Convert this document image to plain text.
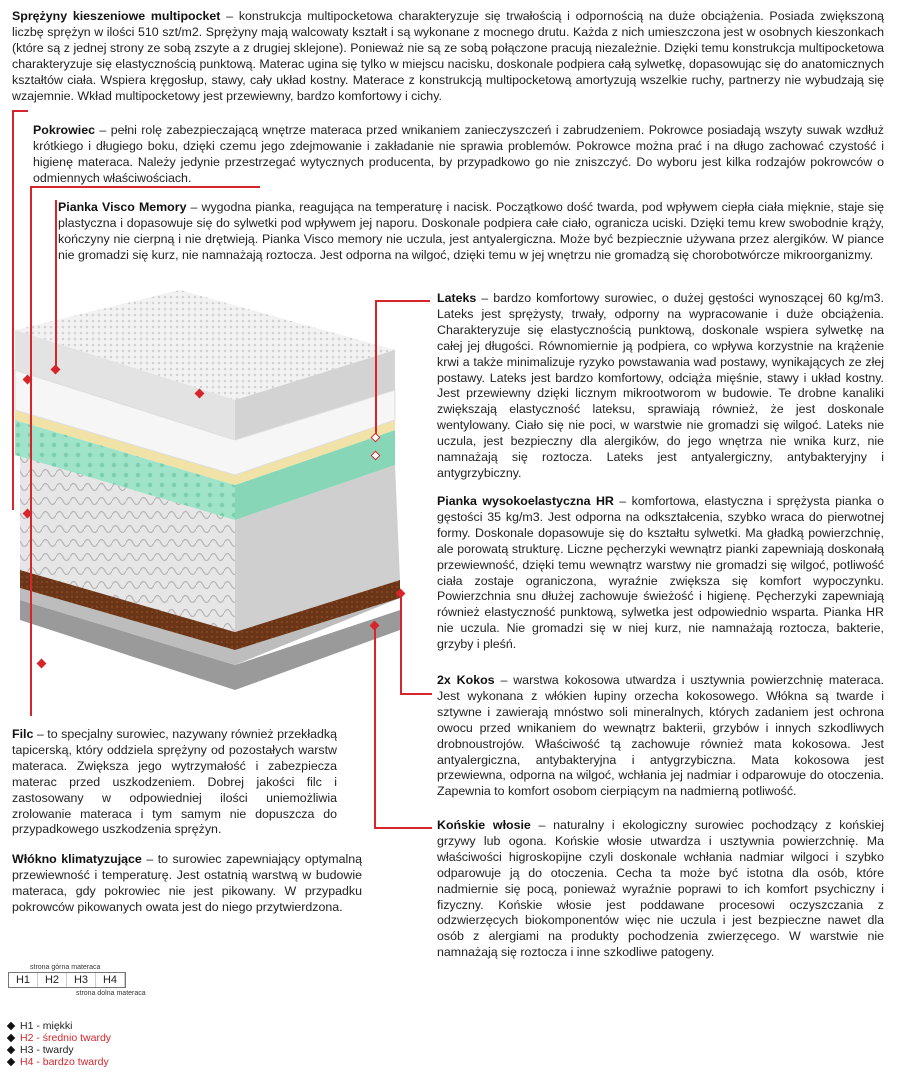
Sprężyny kieszeniowe multipocket – konstrukcja multipocketowa charakteryzuje się trwałością i odpornością na duże obciążenia. Posiada zwiększoną liczbę sprężyn w ilości 510 szt/m2. Sprężyny mają walcowaty kształt i są wykonane z mocnego drutu. Każda z nich umieszczona jest w osobnych kieszonkach (które są z jednej strony ze sobą zszyte a z drugiej sklejone). Ponieważ nie są ze sobą połączone pracują niezależnie. Dzięki temu konstrukcja multipocketowa charakteryzuje się elastycznością punktową. Materac ugina się tylko w miejscu nacisku, doskonale podpiera całą sylwetkę, dopasowując się do anatomicznych kształtów ciała. Wspiera kręgosłup, stawy, cały układ kostny. Materace z konstrukcją multipocketową amortyzują wszelkie ruchy, partnerzy nie wybudzają się wzajemnie. Wkład multipocketowy jest przewiewny, bardzo komfortowy i cichy.
Pokrowiec – pełni rolę zabezpieczającą wnętrze materaca przed wnikaniem zanieczyszczeń i zabrudzeniem. Pokrowce posiadają wszyty suwak wzdłuż krótkiego i długiego boku, dzięki czemu jego zdejmowanie i zakładanie nie sprawia problemów. Pokrowce można prać i na długo zachować czystość i higienę materaca. Należy jedynie przestrzegać wytycznych producenta, by przypadkowo go nie zniszczyć. Do wyboru jest kilka rodzajów pokrowców o odmiennych właściwościach.
Pianka Visco Memory – wygodna pianka, reagująca na temperaturę i nacisk. Początkowo dość twarda, pod wpływem ciepła ciała mięknie, staje się plastyczna i dopasowuje się do sylwetki pod wpływem jej naporu. Doskonale podpiera całe ciało, ogranicza uciski. Dzięki temu krew swobodnie krąży, kończyny nie cierpną i nie drętwieją. Pianka Visco memory nie uczula, jest antyalergiczna. Może być bezpiecznie używana przez alergików. W piance nie gromadzi się kurz, nie namnażają roztocza. Jest odporna na wilgoć, dzięki temu w jej wnętrzu nie gromadzą się chorobotwórcze mikroorganizmy.
Lateks – bardzo komfortowy surowiec, o dużej gęstości wynoszącej 60 kg/m3. Lateks jest sprężysty, trwały, odporny na wypracowanie i duże obciążenia. Charakteryzuje się elastycznością punktową, doskonale wspiera sylwetkę na całej jej długości. Równomiernie ją podpiera, co wpływa korzystnie na krążenie krwi a także minimalizuje ryzyko powstawania wad postawy, wynikających ze złej postawy. Lateks jest bardzo komfortowy, odciąża mięśnie, stawy i układ kostny. Jest przewiewny dzięki licznym mikrootworom w budowie. Te drobne kanaliki zwiększają elastyczność lateksu, sprawiają również, że jest doskonale wentylowany. Ciało się nie poci, w warstwie nie gromadzi się wilgoć. Lateks nie uczula, jest bezpieczny dla alergików, do jego wnętrza nie wnika kurz, nie namnażają się roztocza. Lateks jest antyalergiczny, antybakteryjny i antygrzybiczny.
Pianka wysokoelastyczna HR – komfortowa, elastyczna i sprężysta pianka o gęstości 35 kg/m3. Jest odporna na odkształcenia, szybko wraca do pierwotnej formy. Doskonale dopasowuje się do kształtu sylwetki. Ma gładką powierzchnię, ale porowatą strukturę. Liczne pęcherzyki wewnątrz pianki zapewniają doskonałą przewiewność, dzięki temu wewnątrz warstwy nie gromadzi się wilgoć, potliwość ciała zostaje ograniczona, wyraźnie zwiększa się komfort wypoczynku. Powierzchnia snu dłużej zachowuje świeżość i higienę. Pęcherzyki zapewniają również elastyczność punktową, sylwetka jest odpowiednio wsparta. Pianka HR nie uczula. Nie gromadzi się w niej kurz, nie namnażają roztocza, bakterie, grzyby i pleśń.
2x Kokos – warstwa kokosowa utwardza i usztywnia powierzchnię materaca. Jest wykonana z włókien łupiny orzecha kokosowego. Włókna są twarde i sztywne i zawierają mnóstwo soli mineralnych, których zadaniem jest ochrona owocu przed wnikaniem do wewnątrz bakterii, grzybów i innych szkodliwych drobnoustrojów. Właściwość tą zachowuje również mata kokosowa. Jest antyalergiczna, antybakteryjna i antygrzybiczna. Mata kokosowa jest przewiewna, odporna na wilgoć, wchłania jej nadmiar i odparowuje do otoczenia. Zapewnia to komfort osobom cierpiącym na nadmierną potliwość.
Filc – to specjalny surowiec, nazywany również przekładką tapicerską, który oddziela sprężyny od pozostałych warstw materaca. Zwiększa jego wytrzymałość i zabezpiecza materac przed uszkodzeniem. Dobrej jakości filc i zastosowany w odpowiedniej ilości uniemożliwia zrolowanie materaca i tym samym nie dopuszcza do przypadkowego uszkodzenia sprężyn.	Końskie włosie – naturalny i ekologiczny surowiec pochodzący z końskiej grzywy lub ogona. Końskie włosie utwardza i usztywnia powierzchnię. Ma właściwości higroskopijne czyli doskonale wchłania nadmiar wilgoci i szybko odparowuje ją do otoczenia. Cecha ta może być istotna dla osób, które nadmiernie się pocą, ponieważ wyraźnie poprawi to ich komfort psychiczny i fizyczny. Końskie włosie jest poddawane procesowi oczyszczania z odzwierzęcych biokomponentów więc nie uczula i jest bezpieczne nawet dla osób z alergiami na produkty pochodzenia zwierzęcego. W warstwie nie namnażają się roztocza i inne szkodliwe patogeny.
Włókno klimatyzujące – to surowiec zapewniający optymalną przewiewność i temperaturę. Jest ostatnią warstwą w budowie materaca, gdy pokrowiec nie jest pikowany. W przypadku pokrowców pikowanych owata jest do niego przytwierdzona.
strona górna materaca
H1	H2	H3	H4
strona dolna materaca
H1 - miękki
H2 - średnio twardy
H3 - twardy
H4 - bardzo twardy
